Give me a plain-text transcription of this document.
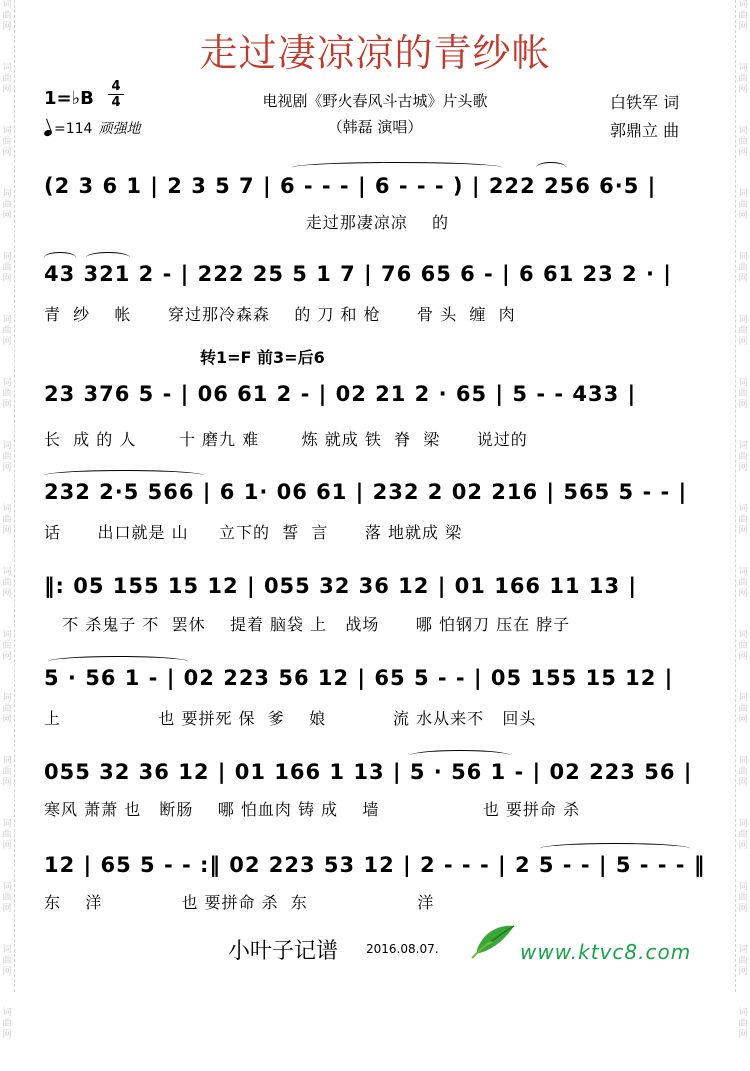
词
曲
网
词
曲
网
词
曲
网
词
曲
网
词
曲
网
词
曲
网
词
曲
网
词
曲
网
词
曲
网
词
曲
网
词
曲
网
词
曲
网
词
曲
网
词
曲
网
词
曲
网
词
曲
网
词
曲
网
词
曲
网
词
曲
网
词
曲
网
词
曲
网
词
曲
网
词
曲
网
词
曲
网
词
曲
网
词
曲
网
词
曲
网
词
曲
网
词
曲
网
词
曲
网
词
曲
网
词
曲
网
词
曲
网
词
曲
网
走过凄凉凉的青纱帐
1=♭B
4
4
=114 顽强地
电视剧《野火春风斗古城》片头歌
（韩磊 演唱）
白铁军 词
郭鼎立 曲
转1=F 前3=后6
(2 3 6 1 | 2 3 5 7 | 6 - - - | 6 - - - ) | 222 256 6·5 |
走过那凄凉凉    的
43 321 2 - | 222 25 5 1 7 | 76 65 6 - | 6 61 23 2 · |
青  纱    帐      穿过那冷森森    的 刀 和 枪      骨 头  缠  肉
23 376 5 - | 06 61 2 - | 02 21 2 · 65 | 5 - - 433 |
长  成 的 人       十 磨九 难       炼 就成 铁  脊  梁      说过的
232 2·5 566 | 6 1· 06 61 | 232 2 02 216 | 565 5 - - |
话      出口就是 山     立下的  誓  言      落 地就成 梁
‖: 05 155 15 12 | 055 32 36 12 | 01 166 11 13 |
不 杀鬼子 不  罢休    提着 脑袋 上   战场      哪 怕钢刀 压在 脖子
5 · 56 1 - | 02 223 56 12 | 65 5 - - | 05 155 15 12 |
上                也 要拼死 保  爹    娘           流 水从来不   回头
055 32 36 12 | 01 166 1 13 | 5 · 56 1 - | 02 223 56 |
寒风 萧萧 也   断肠    哪 怕血肉 铸 成    墙                 也 要拼命 杀
12 | 65 5 - - :‖ 02 223 53 12 | 2 - - - | 2 5 - - | 5 - - - ‖
东    洋             也 要拼命 杀  东                  洋
小叶子记谱 2016.08.07.	www.ktvc8.com
